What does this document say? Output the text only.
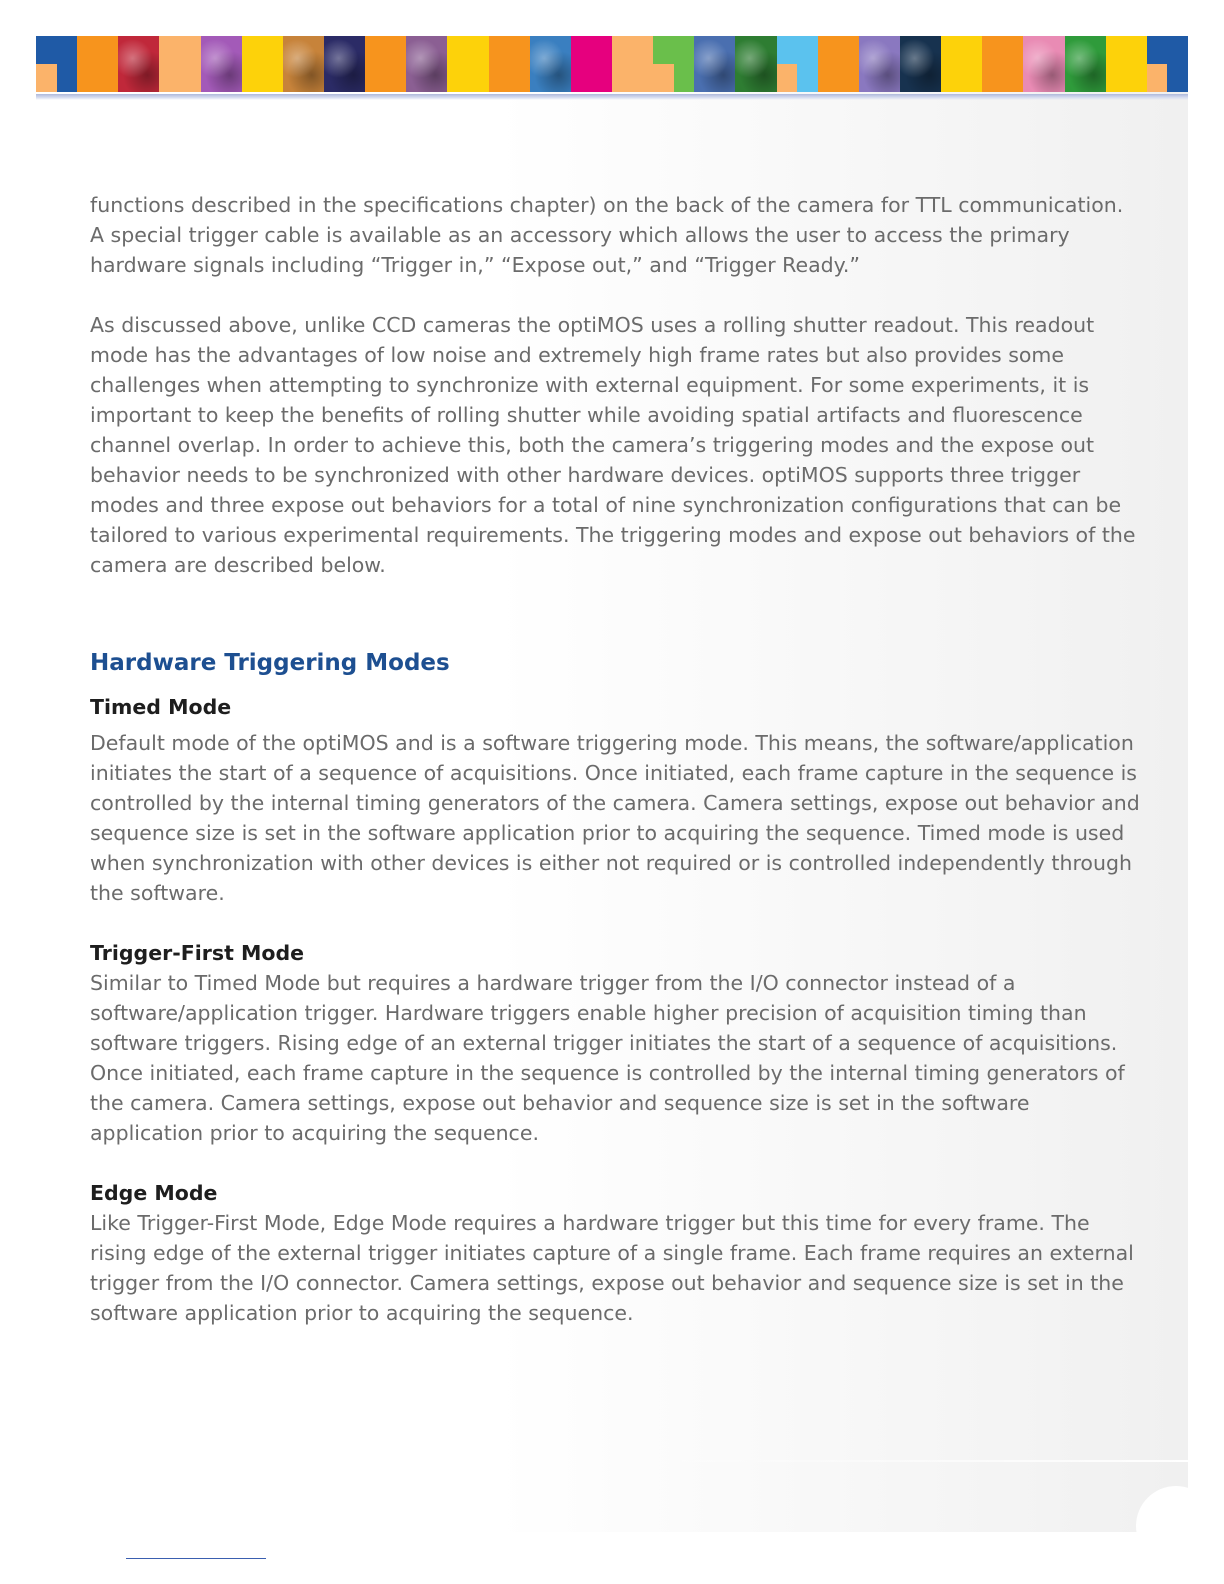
functions described in the specifications chapter) on the back of the camera for TTL communication. A special trigger cable is available as an accessory which allows the user to access the primary hardware signals including “Trigger in,” “Expose out,” and “Trigger Ready.”

As discussed above, unlike CCD cameras the optiMOS uses a rolling shutter readout. This readout mode has the advantages of low noise and extremely high frame rates but also provides some challenges when attempting to synchronize with external equipment. For some experiments, it is important to keep the benefits of rolling shutter while avoiding spatial artifacts and fluorescence channel overlap. In order to achieve this, both the camera’s triggering modes and the expose out behavior needs to be synchronized with other hardware devices. optiMOS supports three trigger modes and three expose out behaviors for a total of nine synchronization configurations that can be tailored to various experimental requirements. The triggering modes and expose out behaviors of the camera are described below.

Hardware Triggering Modes

Timed Mode

Default mode of the optiMOS and is a software triggering mode. This means, the software/application initiates the start of a sequence of acquisitions. Once initiated, each frame capture in the sequence is controlled by the internal timing generators of the camera. Camera settings, expose out behavior and sequence size is set in the software application prior to acquiring the sequence. Timed mode is used when synchronization with other devices is either not required or is controlled independently through the software.

Trigger-First Mode

Similar to Timed Mode but requires a hardware trigger from the I/O connector instead of a software/application trigger. Hardware triggers enable higher precision of acquisition timing than software triggers. Rising edge of an external trigger initiates the start of a sequence of acquisitions. Once initiated, each frame capture in the sequence is controlled by the internal timing generators of the camera. Camera settings, expose out behavior and sequence size is set in the software application prior to acquiring the sequence.

Edge Mode

Like Trigger-First Mode, Edge Mode requires a hardware trigger but this time for every frame. The rising edge of the external trigger initiates capture of a single frame. Each frame requires an external trigger from the I/O connector. Camera settings, expose out behavior and sequence size is set in the software application prior to acquiring the sequence.
